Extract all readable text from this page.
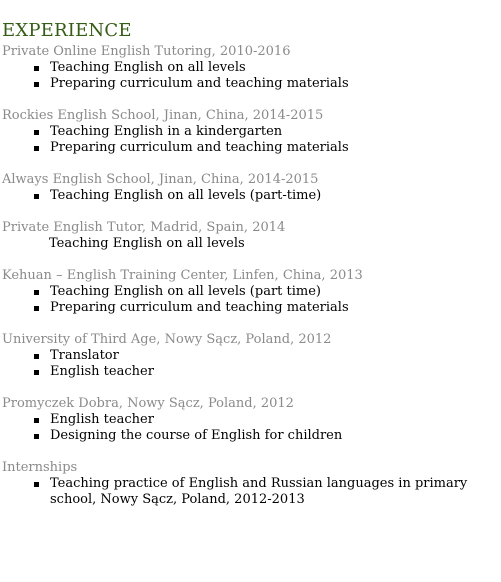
EXPERIENCE
Private Online English Tutoring, 2010-2016
Teaching English on all levels
Preparing curriculum and teaching materials
Rockies English School, Jinan, China, 2014-2015
Teaching English in a kindergarten
Preparing curriculum and teaching materials
Always English School, Jinan, China, 2014-2015
Teaching English on all levels (part-time)
Private English Tutor, Madrid, Spain, 2014
Teaching English on all levels
Kehuan – English Training Center, Linfen, China, 2013
Teaching English on all levels (part time)
Preparing curriculum and teaching materials
University of Third Age, Nowy Sącz, Poland, 2012
Translator
English teacher
Promyczek Dobra, Nowy Sącz, Poland, 2012
English teacher
Designing the course of English for children
Internships
Teaching practice of English and Russian languages in primary school, Nowy Sącz, Poland, 2012-2013
